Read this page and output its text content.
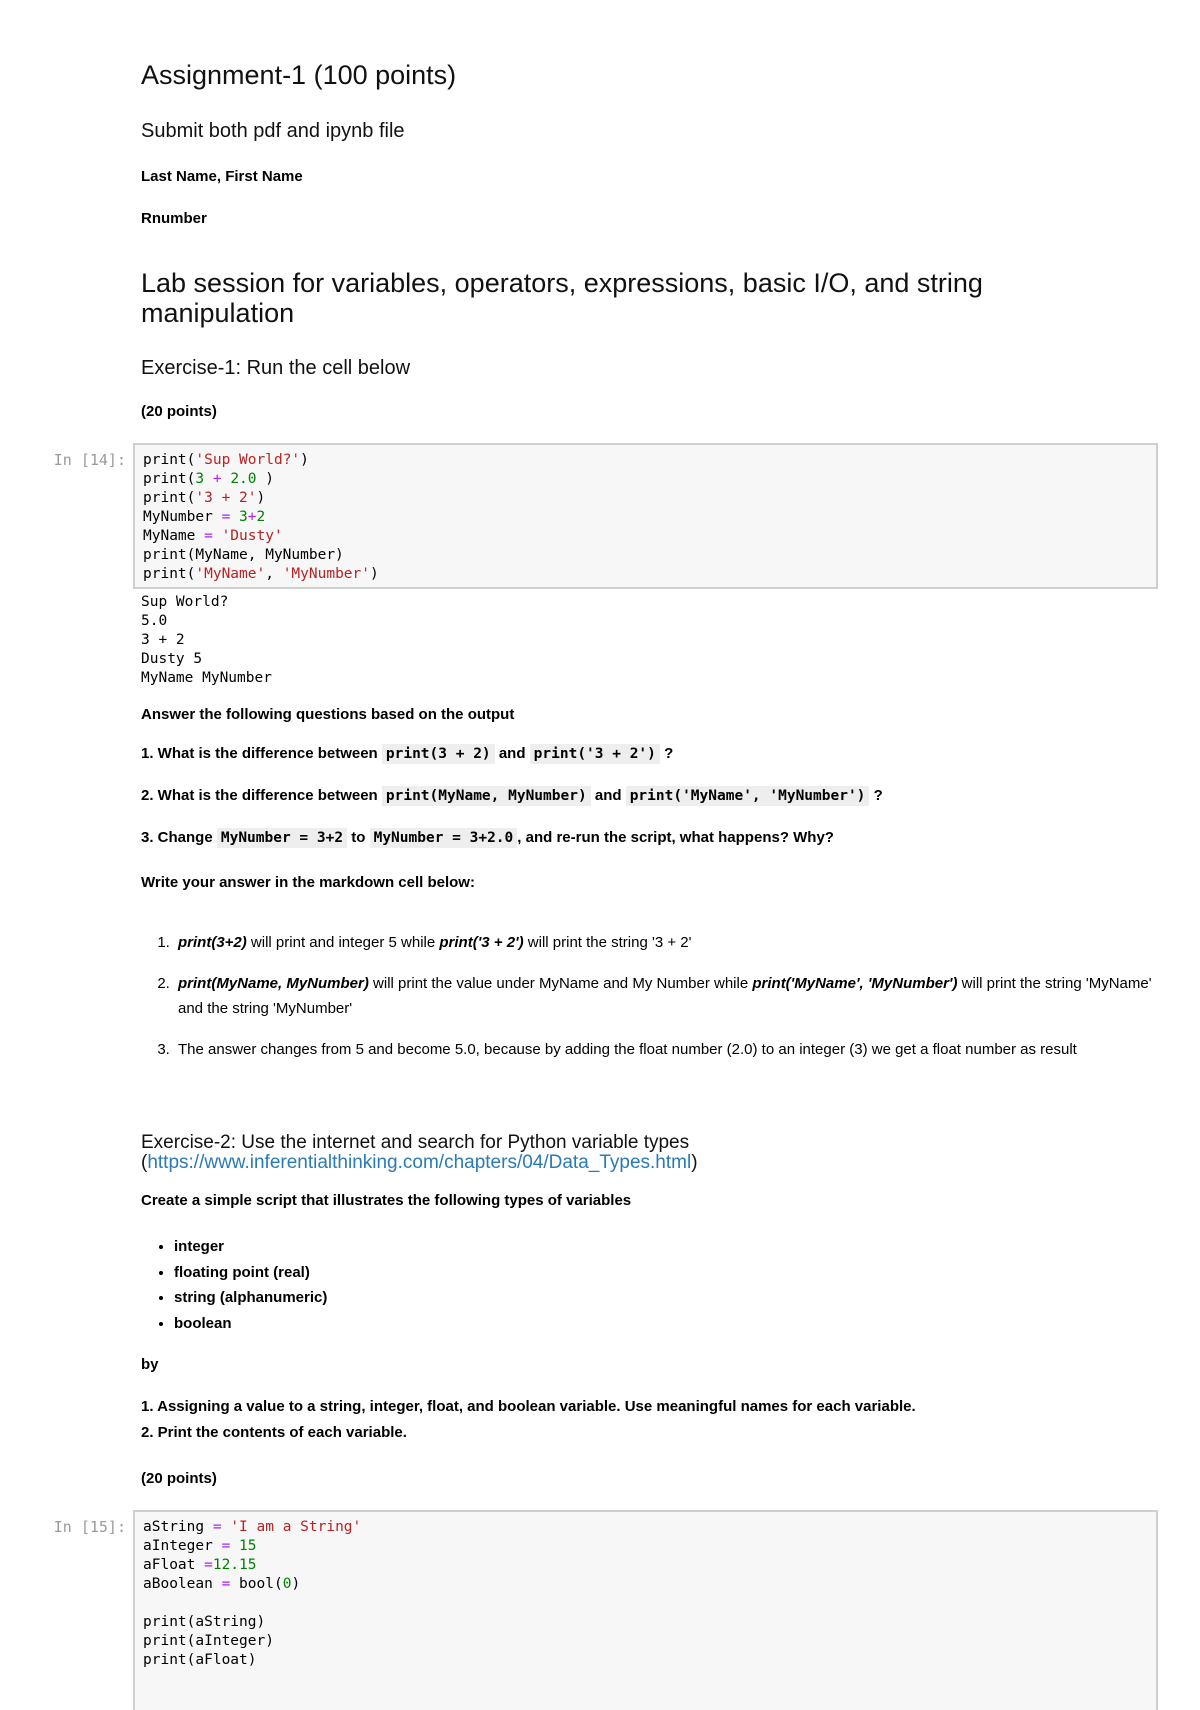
Assignment-1 (100 points)
Submit both pdf and ipynb file
Last Name, First Name
Rnumber
Lab session for variables, operators, expressions, basic I/O, and string manipulation
Exercise-1: Run the cell below
(20 points)
In [14]: print('Sup World?')
print(3 + 2.0 )
print('3 + 2')
MyNumber = 3+2
MyName = 'Dusty'
print(MyName, MyNumber)
print('MyName', 'MyNumber')
Sup World?
5.0
3 + 2
Dusty 5
MyName MyNumber
Answer the following questions based on the output
1. What is the difference between print(3 + 2) and print('3 + 2') ?
2. What is the difference between print(MyName, MyNumber) and print('MyName', 'MyNumber') ?
3. Change MyNumber = 3+2 to MyNumber = 3+2.0 , and re-run the script, what happens? Why?
Write your answer in the markdown cell below:
1. print(3+2) will print and integer 5 while print('3 + 2') will print the string '3 + 2'
2. print(MyName, MyNumber) will print the value under MyName and My Number while print('MyName', 'MyNumber') will print the string 'MyName' and the string 'MyNumber'
3. The answer changes from 5 and become 5.0, because by adding the float number (2.0) to an integer (3) we get a float number as result
Exercise-2: Use the internet and search for Python variable types
(https://www.inferentialthinking.com/chapters/04/Data_Types.html)
Create a simple script that illustrates the following types of variables
• integer
• floating point (real)
• string (alphanumeric)
• boolean
by
1. Assigning a value to a string, integer, float, and boolean variable. Use meaningful names for each variable.
2. Print the contents of each variable.
(20 points)
In [15]: aString = 'I am a String'
aInteger = 15
aFloat =12.15
aBoolean = bool(0)

print(aString)
print(aInteger)
print(aFloat)
